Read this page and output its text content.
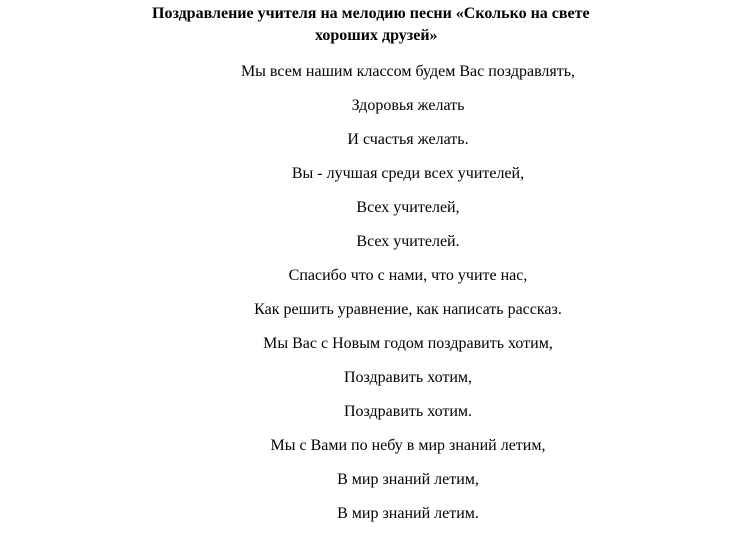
Поздравление учителя на мелодию песни «Сколько на свете
хороших друзей»
Мы всем нашим классом будем Вас поздравлять,
Здоровья желать
И счастья желать.
Вы - лучшая среди всех учителей,
Всех учителей,
Всех учителей.
Спасибо что с нами, что учите нас,
Как решить уравнение, как написать рассказ.
Мы Вас с Новым годом поздравить хотим,
Поздравить хотим,
Поздравить хотим.
Мы с Вами по небу в мир знаний летим,
В мир знаний летим,
В мир знаний летим.
